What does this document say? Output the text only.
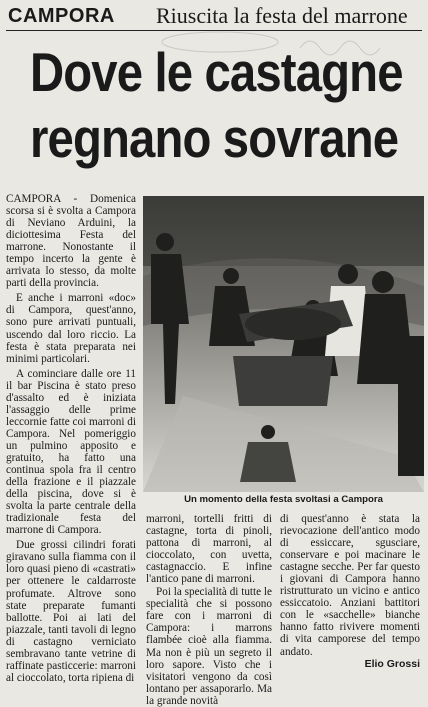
CAMPORA Riuscita la festa del marrone
Dove le castagne
regnano sovrane

CAMPORA - Domenica scorsa si è svolta a Campora di Neviano Arduini, la diciottesima Festa del marrone. Nonostante il tempo incerto la gente è arrivata lo stesso, da molte parti della provincia.

E anche i marroni «doc» di Campora, quest'anno, sono pure arrivati puntuali, uscendo dal loro riccio. La festa è stata preparata nei minimi particolari.

A cominciare dalle ore 11 il bar Piscina è stato preso d'assalto ed è iniziata l'assaggio delle prime leccornie fatte coi marroni di Campora. Nel pomeriggio un pulmino apposito e gratuito, ha fatto una continua spola fra il centro della frazione e il piazzale della piscina, dove si è svolta la parte centrale della tradizionale festa del marrone di Campora.

Due grossi cilindri forati giravano sulla fiamma con il loro quasi pieno di «castrati» per ottenere le caldarroste profumate. Altrove sono state preparate fumanti ballotte. Poi ai lati del piazzale, tanti tavoli di legno di castagno verniciato sembravano tante vetrine di raffinate pasticcerie: marroni al cioccolato, torta ripiena di

Un momento della festa svoltasi a Campora

marroni, tortelli fritti di castagne, torta di pinoli, pattona di marroni, al cioccolato, con uvetta, castagnaccio. E infine l'antico pane di marroni.

Poi la specialità di tutte le specialità che si possono fare con i marroni di Campora: i marrons flambée cioè alla fiamma. Ma non è più un segreto il loro sapore. Visto che i visitatori vengono da così lontano per assaporarlo. Ma la grande novità

di quest'anno è stata la rievocazione dell'antico modo di essiccare, sgusciare, conservare e poi macinare le castagne secche. Per far questo i giovani di Campora hanno ristrutturato un vicino e antico essiccatoio. Anziani battitori con le «sacchelle» bianche hanno fatto rivivere momenti di vita camporese del tempo andato.

Elio Grossi
